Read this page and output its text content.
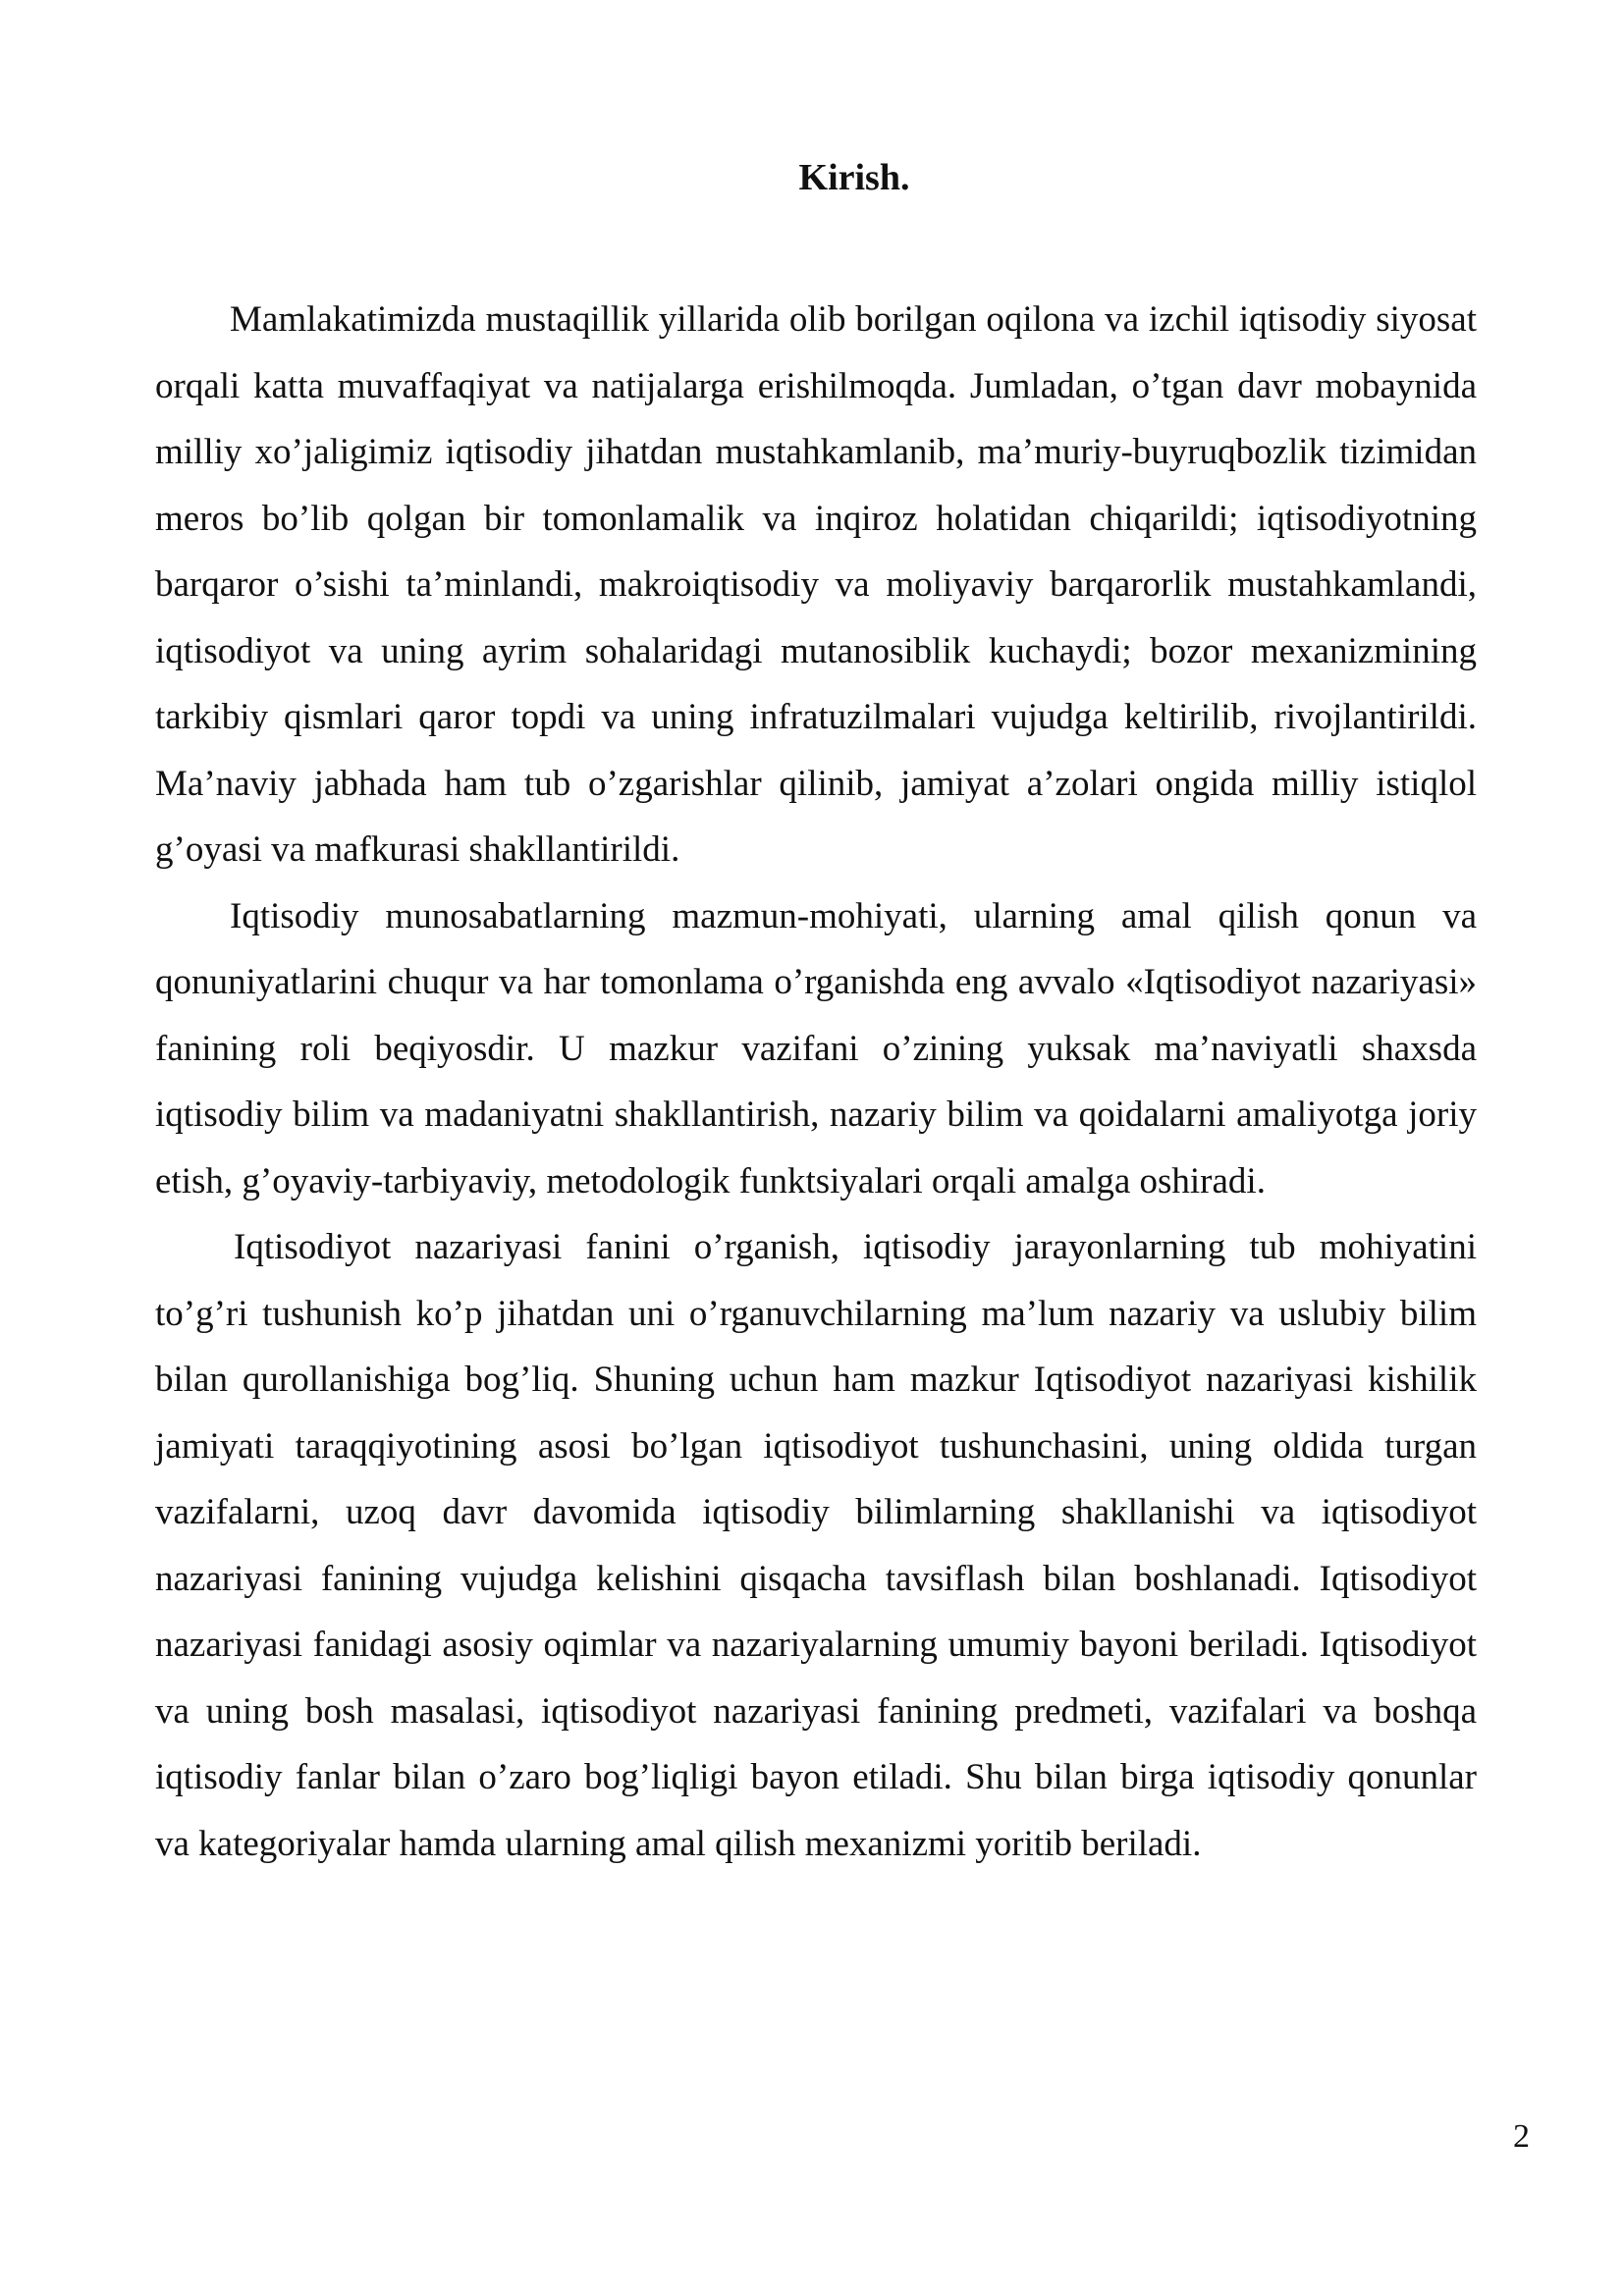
Kirish.

Mamlakatimizda mustaqillik yillarida olib borilgan oqilona va izchil iqtisodiy siyosat orqali katta muvaffaqiyat va natijalarga erishilmoqda. Jumladan, o’tgan davr mobaynida milliy xo’jaligimiz iqtisodiy jihatdan mustahkamlanib, ma’muriy-buyruqbozlik tizimidan meros bo’lib qolgan bir tomonlamalik va inqiroz holatidan chiqarildi; iqtisodiyotning barqaror o’sishi ta’minlandi, makroiqtisodiy va moliyaviy barqarorlik mustahkamlandi, iqtisodiyot va uning ayrim sohalaridagi mutanosiblik kuchaydi; bozor mexanizmining tarkibiy qismlari qaror topdi va uning infratuzilmalari vujudga keltirilib, rivojlantirildi. Ma’naviy jabhada ham tub o’zgarishlar qilinib, jamiyat a’zolari ongida milliy istiqlol g’oyasi va mafkurasi shakllantirildi.

Iqtisodiy munosabatlarning mazmun-mohiyati, ularning amal qilish qonun va qonuniyatlarini chuqur va har tomonlama o’rganishda eng avvalo «Iqtisodiyot nazariyasi» fanining roli beqiyosdir. U mazkur vazifani o’zining yuksak ma’naviyatli shaxsda iqtisodiy bilim va madaniyatni shakllantirish, nazariy bilim va qoidalarni amaliyotga joriy etish, g’oyaviy-tarbiyaviy, metodologik funktsiyalari orqali amalga oshiradi.

Iqtisodiyot nazariyasi fanini o’rganish, iqtisodiy jarayonlarning tub mohiyatini to’g’ri tushunish ko’p jihatdan uni o’rganuvchilarning ma’lum nazariy va uslubiy bilim bilan qurollanishiga bog’liq. Shuning uchun ham mazkur Iqtisodiyot nazariyasi kishilik jamiyati taraqqiyotining asosi bo’lgan iqtisodiyot tushunchasini, uning oldida turgan vazifalarni, uzoq davr davomida iqtisodiy bilimlarning shakllanishi va iqtisodiyot nazariyasi fanining vujudga kelishini qisqacha tavsiflash bilan boshlanadi. Iqtisodiyot nazariyasi fanidagi asosiy oqimlar va nazariyalarning umumiy bayoni beriladi. Iqtisodiyot va uning bosh masalasi, iqtisodiyot nazariyasi fanining predmeti, vazifalari va boshqa iqtisodiy fanlar bilan o’zaro bog’liqligi bayon etiladi. Shu bilan birga iqtisodiy qonunlar va kategoriyalar hamda ularning amal qilish mexanizmi yoritib beriladi.

2
